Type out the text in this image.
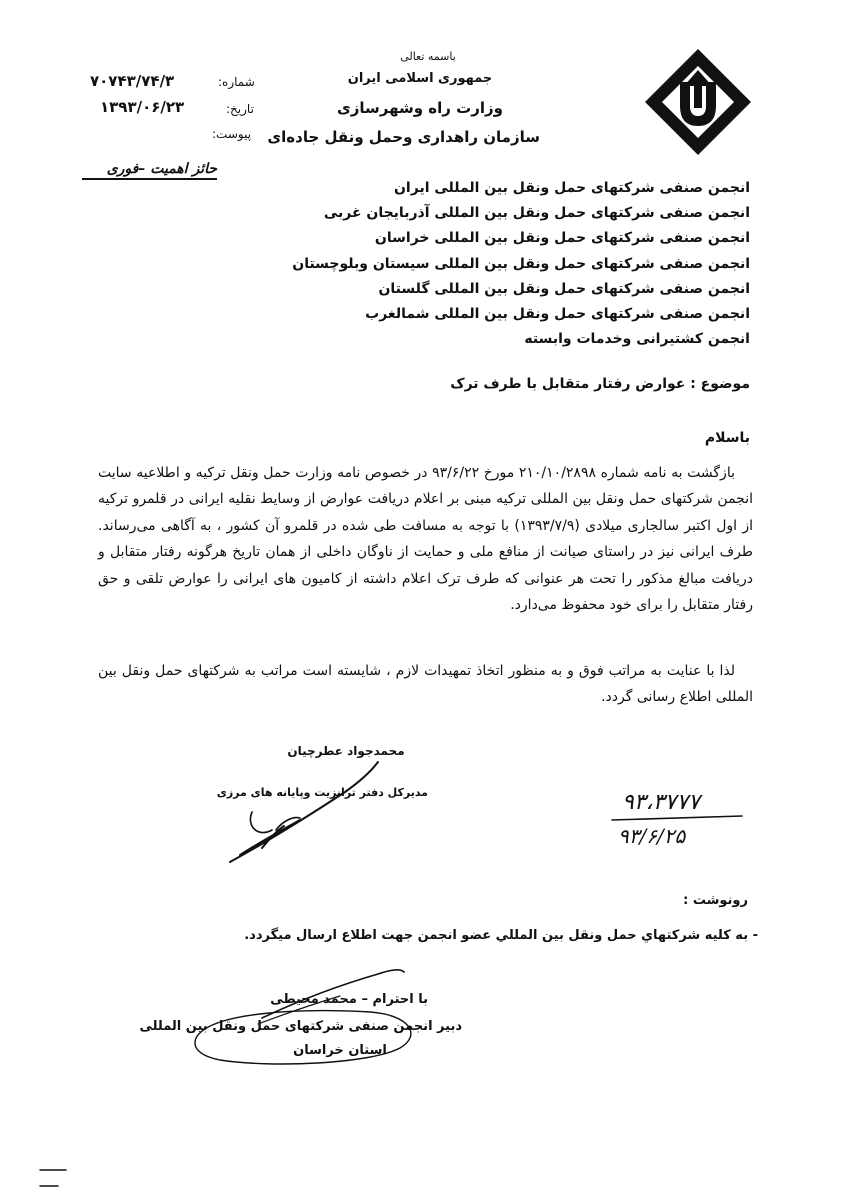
باسمه تعالی
جمهوری اسلامی ایران
وزارت راه وشهرسازی
سازمان راهداری وحمل ونقل جاده‌ای
شماره:
۷۰۷۴۳/۷۴/۳
تاریخ:
۱۳۹۳/۰۶/۲۳
پیوست:
حائز اهمیت –فوری
انجمن صنفی شرکتهای حمل ونقل بین المللی ایران
انجمن صنفی شرکتهای حمل ونقل بین المللی آذربایجان غربی
انجمن صنفی شرکتهای حمل ونقل بین المللی خراسان
انجمن صنفی شرکتهای حمل ونقل بین المللی سیستان وبلوچستان
انجمن صنفی شرکتهای حمل ونقل بین المللی گلستان
انجمن صنفی شرکتهای حمل ونقل بین المللی شمالغرب
انجمن کشتیرانی وخدمات وابسته
موضوع : عوارض رفتار متقابل با طرف ترک
باسلام
بازگشت به نامه شماره ۲۱۰/۱۰/۲۸۹۸ مورخ ۹۳/۶/۲۲ در خصوص نامه وزارت حمل ونقل ترکیه و اطلاعیه سایت انجمن شرکتهای حمل ونقل بین المللی ترکیه مبنی بر اعلام دریافت عوارض از وسایط نقلیه ایرانی در قلمرو ترکیه از اول اکتبر سالجاری میلادی (۱۳۹۳/۷/۹) با توجه به مسافت طی شده در قلمرو آن کشور ، به آگاهی می‌رساند. طرف ایرانی نیز در راستای صیانت از منافع ملی و حمایت از ناوگان داخلی از همان تاریخ هرگونه رفتار متقابل و دریافت مبالغ مذکور را تحت هر عنوانی که طرف ترک اعلام داشته از کامیون های ایرانی را عوارض تلقی و حق رفتار متقابل را برای خود محفوظ می‌دارد.
لذا با عنایت به مراتب فوق و به منظور اتخاذ تمهیدات لازم ، شایسته است مراتب به شرکتهای حمل ونقل بین المللی اطلاع رسانی گردد.
محمدجواد عطرچیان
مدیرکل دفتر ترانزیت وپایانه های مرزی	۹۳،۳۷۷۷
۹۳/۶/۲۵
رونوشت :
- به کلیه شرکتهاي حمل ونقل بین المللي عضو انجمن جهت اطلاع ارسال میگردد.
با احترام – محمد محیطی
دبیر انجمن صنفی شرکتهای حمل ونقل بین المللی
استان خراسان
